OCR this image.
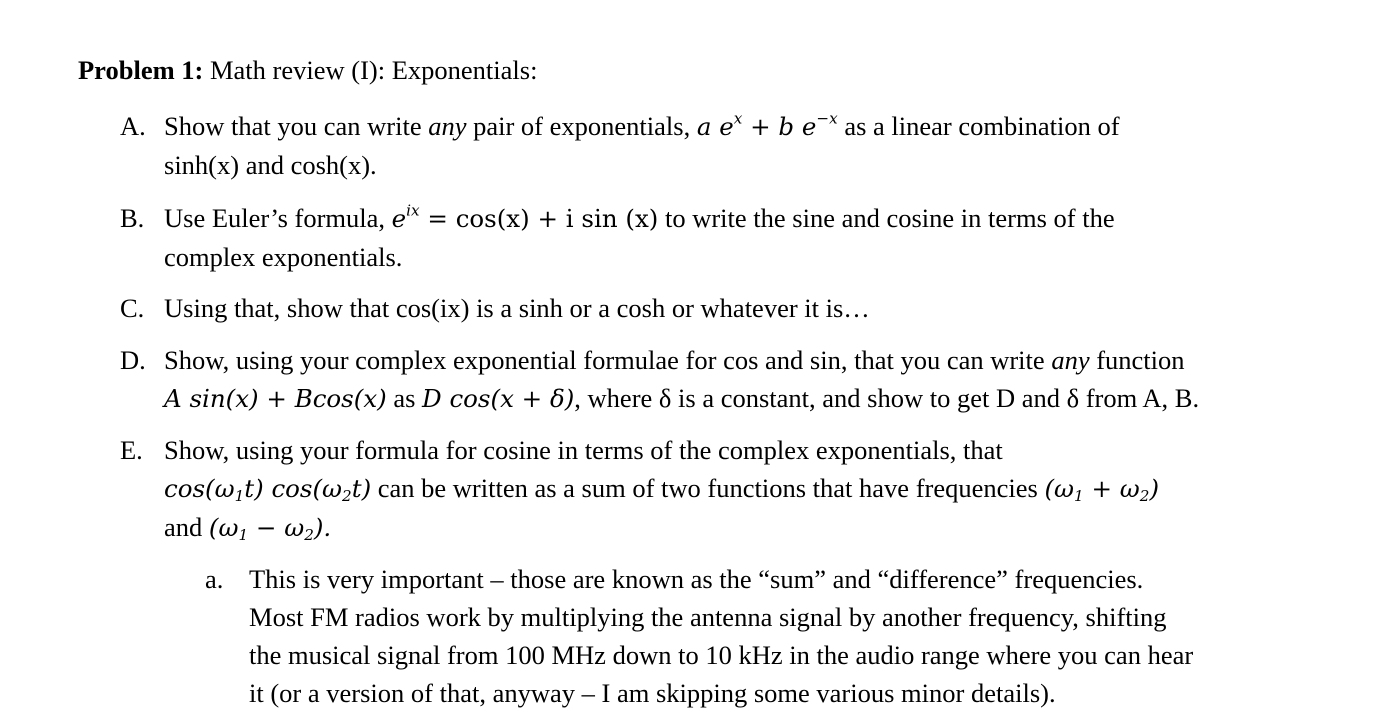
Problem 1: Math review (I): Exponentials:
A. Show that you can write any pair of exponentials, a $e^x + b$ $e^{-x}$ as a linear combination of
sinh(x) and cosh(x).
B. Use Euler’s formula, $e^{ix} = \cos(x) + i$ sin (x) to write the sine and cosine in terms of the
complex exponentials.
C. Using that, show that cos(ix) is a sinh or a cosh or whatever it is…
D. Show, using your complex exponential formulae for cos and sin, that you can write any function
A sin(x) + Bcos(x) as D cos(x + δ), where δ is a constant, and show to get D and δ from A, B.
E. Show, using your formula for cosine in terms of the complex exponentials, that
$\cos(\omega_1t)$ $\cos(\omega_2t)$ can be written as a sum of two functions that have frequencies $(\omega_1 + \omega_2)$
and $(\omega_1 - \omega_2)$.
a. This is very important – those are known as the “sum” and “difference” frequencies.
Most FM radios work by multiplying the antenna signal by another frequency, shifting
the musical signal from 100 MHz down to 10 kHz in the audio range where you can hear
it (or a version of that, anyway – I am skipping some various minor details).
